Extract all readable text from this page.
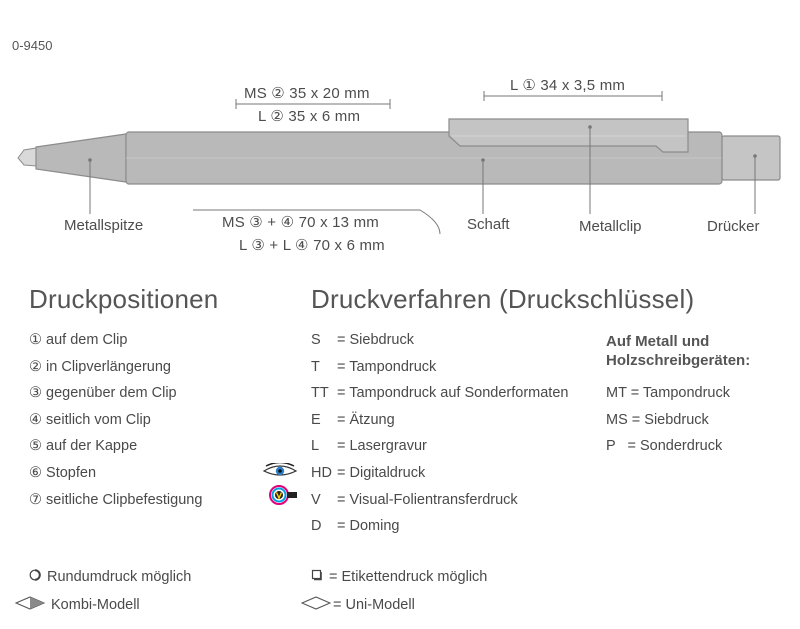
0-9450
MS ② 35 x 20 mm
L ② 35 x 6 mm
L ① 34 x 3,5 mm
MS ③ + ④ 70 x 13 mm
L ③ + L ④ 70 x 6 mm
Metallspitze	Schaft	Metallclip	Drücker
Druckpositionen	Druckverfahren (Druckschlüssel)
① auf dem Clip
② in Clipverlängerung
③ gegenüber dem Clip
④ seitlich vom Clip
⑤ auf der Kappe
⑥ Stopfen
⑦ seitliche Clipbefestigung
S = Siebdruck
T = Tampondruck
TT = Tampondruck auf Sonderformaten
E = Ätzung
L = Lasergravur
HD = Digitaldruck
V = Visual-Folientransferdruck
D = Doming
Auf Metall und
Holzschreibgeräten:
MT = Tampondruck
MS = Siebdruck
P   = Sonderdruck
Rundumdruck möglich	= Etikettendruck möglich
Kombi-Modell	= Uni-Modell
